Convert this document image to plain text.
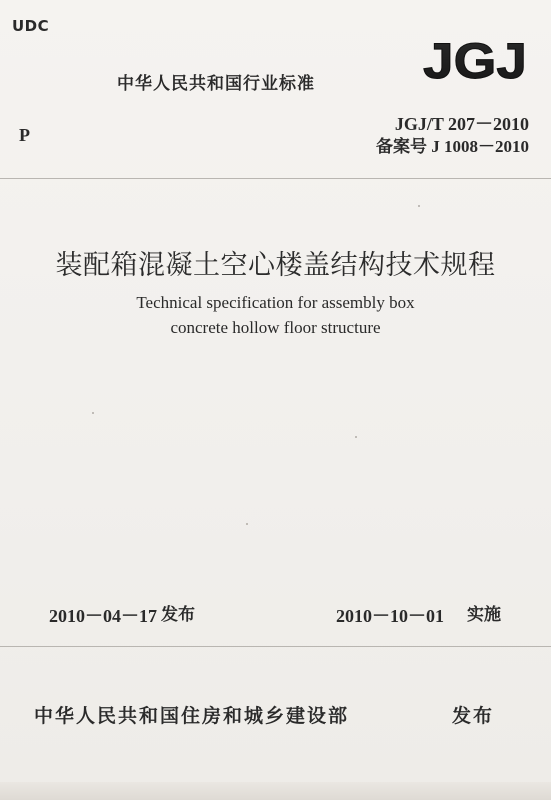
UDC
中华人民共和国行业标准 JGJ
P
JGJ/T 207－2010
备案号 J 1008－2010
装配箱混凝土空心楼盖结构技术规程
Technical specification for assembly box
concrete hollow floor structure
2010－04－17 发布	2010－10－01 实施
中华人民共和国住房和城乡建设部	发布
